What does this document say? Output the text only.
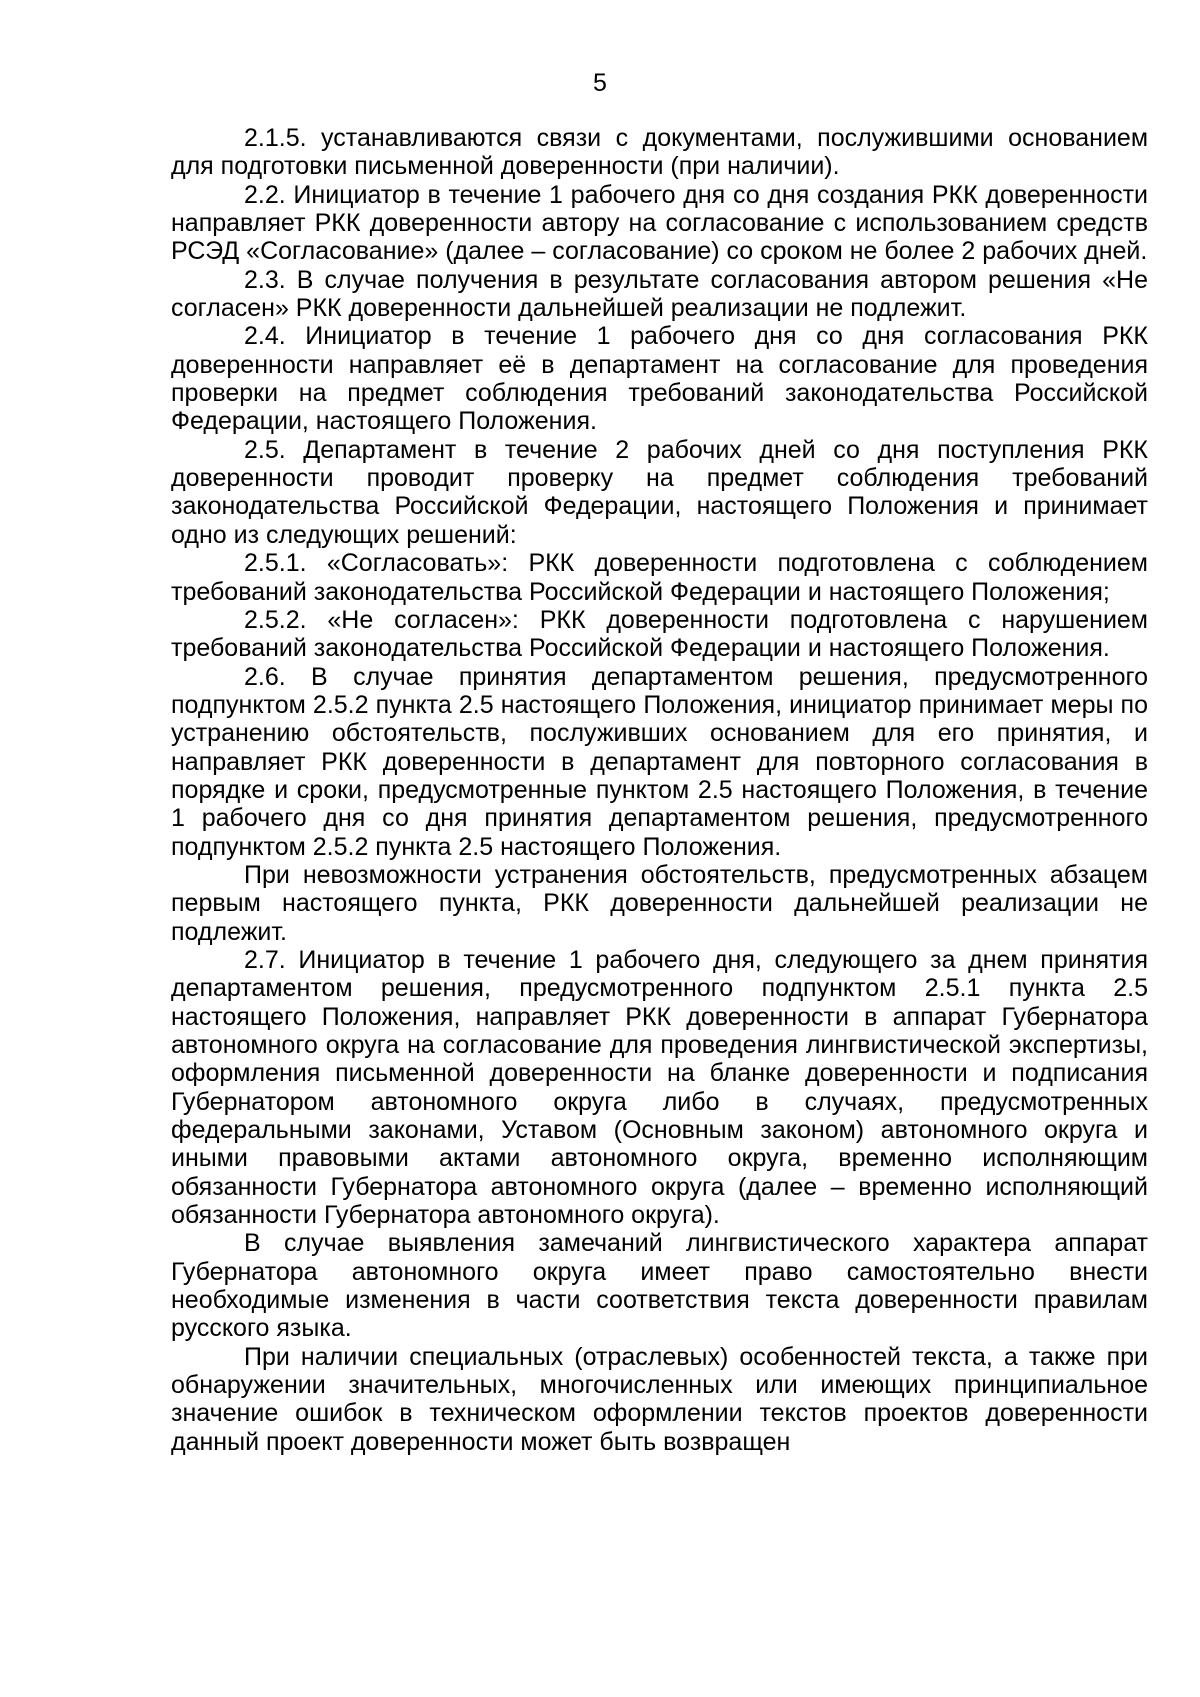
5

2.1.5. устанавливаются связи с документами, послужившими основанием для подготовки письменной доверенности (при наличии).

2.2. Инициатор в течение 1 рабочего дня со дня создания РКК доверенности направляет РКК доверенности автору на согласование с использованием средств РСЭД «Согласование» (далее – согласование) со сроком не более 2 рабочих дней.

2.3. В случае получения в результате согласования автором решения «Не согласен» РКК доверенности дальнейшей реализации не подлежит.

2.4. Инициатор в течение 1 рабочего дня со дня согласования РКК доверенности направляет её в департамент на согласование для проведения проверки на предмет соблюдения требований законодательства Российской Федерации, настоящего Положения.

2.5. Департамент в течение 2 рабочих дней со дня поступления РКК доверенности проводит проверку на предмет соблюдения требований законодательства Российской Федерации, настоящего Положения и принимает одно из следующих решений:

2.5.1. «Согласовать»: РКК доверенности подготовлена с соблюдением требований законодательства Российской Федерации и настоящего Положения;

2.5.2. «Не согласен»: РКК доверенности подготовлена с нарушением требований законодательства Российской Федерации и настоящего Положения.

2.6. В случае принятия департаментом решения, предусмотренного подпунктом 2.5.2 пункта 2.5 настоящего Положения, инициатор принимает меры по устранению обстоятельств, послуживших основанием для его принятия, и направляет РКК доверенности в департамент для повторного согласования в порядке и сроки, предусмотренные пунктом 2.5 настоящего Положения, в течение 1 рабочего дня со дня принятия департаментом решения, предусмотренного подпунктом 2.5.2 пункта 2.5 настоящего Положения.

При невозможности устранения обстоятельств, предусмотренных абзацем первым настоящего пункта, РКК доверенности дальнейшей реализации не подлежит.

2.7. Инициатор в течение 1 рабочего дня, следующего за днем принятия департаментом решения, предусмотренного подпунктом 2.5.1 пункта 2.5 настоящего Положения, направляет РКК доверенности в аппарат Губернатора автономного округа на согласование для проведения лингвистической экспертизы, оформления письменной доверенности на бланке доверенности и подписания Губернатором автономного округа либо в случаях, предусмотренных федеральными законами, Уставом (Основным законом) автономного округа и иными правовыми актами автономного округа, временно исполняющим обязанности Губернатора автономного округа (далее – временно исполняющий обязанности Губернатора автономного округа).

В случае выявления замечаний лингвистического характера аппарат Губернатора автономного округа имеет право самостоятельно внести необходимые изменения в части соответствия текста доверенности правилам русского языка.

При наличии специальных (отраслевых) особенностей текста, а также при обнаружении значительных, многочисленных или имеющих принципиальное значение ошибок в техническом оформлении текстов проектов доверенности данный проект доверенности может быть возвращен
